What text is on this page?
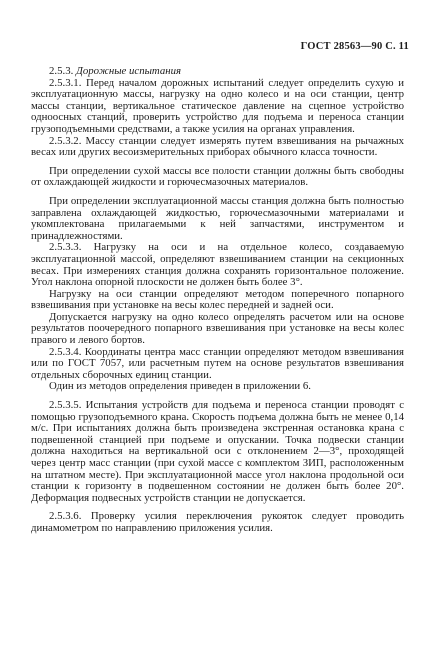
ГОСТ 28563—90 С. 11

2.5.3. Дорожные испытания

2.5.3.1. Перед началом дорожных испытаний следует определить сухую и эксплуатационную массы, нагрузку на одно колесо и на оси станции, центр массы станции, вертикальное статическое давление на сцепное устройство одноосных станций, проверить устройство для подъема и переноса станции грузоподъемными средствами, а также усилия на органах управления.

2.5.3.2. Массу станции следует измерять путем взвешивания на рычажных весах или других весоизмерительных приборах обычного класса точности.

При определении сухой массы все полости станции должны быть свободны от охлаждающей жидкости и горючесмазочных материалов.

При определении эксплуатационной массы станция должна быть полностью заправлена охлаждающей жидкостью, горючесмазочными материалами и укомплектована прилагаемыми к ней запчастями, инструментом и принадлежностями.

2.5.3.3. Нагрузку на оси и на отдельное колесо, создаваемую эксплуатационной массой, определяют взвешиванием станции на секционных весах. При измерениях станция должна сохранять горизонтальное положение. Угол наклона опорной плоскости не должен быть более 3°.

Нагрузку на оси станции определяют методом поперечного попарного взвешивания при установке на весы колес передней и задней оси.

Допускается нагрузку на одно колесо определять расчетом или на основе результатов поочередного попарного взвешивания при установке на весы колес правого и левого бортов.

2.5.3.4. Координаты центра масс станции определяют методом взвешивания или по ГОСТ 7057, или расчетным путем на основе результатов взвешивания отдельных сборочных единиц станции.

Один из методов определения приведен в приложении 6.

2.5.3.5. Испытания устройств для подъема и переноса станции проводят с помощью грузоподъемного крана. Скорость подъема должна быть не менее 0,14 м/с. При испытаниях должна быть произведена экстренная остановка крана с подвешенной станцией при подъеме и опускании. Точка подвески станции должна находиться на вертикальной оси с отклонением 2—3°, проходящей через центр масс станции (при сухой массе с комплектом ЗИП, расположенным на штатном месте). При эксплуатационной массе угол наклона продольной оси станции к горизонту в подвешенном состоянии не должен быть более 20°. Деформация подвесных устройств станции не допускается.

2.5.3.6. Проверку усилия переключения рукояток следует проводить динамометром по направлению приложения усилия.
